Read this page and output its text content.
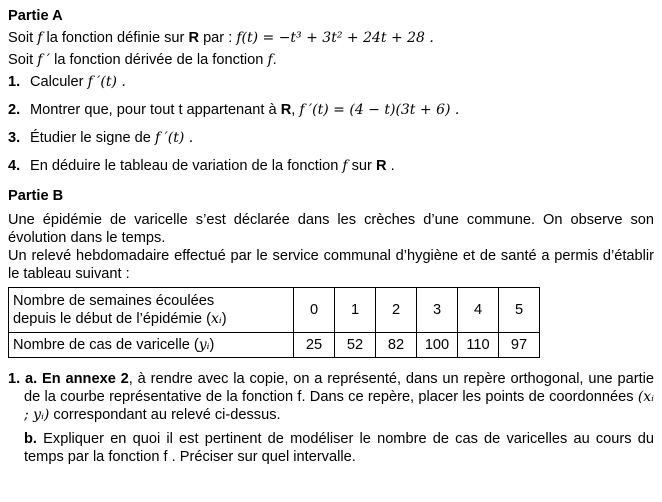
Partie A
Soit f la fonction définie sur R par : f(t) = −t³ + 3t² + 24t + 28 .
Soit f ′ la fonction dérivée de la fonction f.
1. Calculer f ′(t) .
2. Montrer que, pour tout t appartenant à R, f ′(t) = (4 − t)(3t + 6) .
3. Étudier le signe de f ′(t) .
4. En déduire le tableau de variation de la fonction f sur R .
Partie B
Une épidémie de varicelle s’est déclarée dans les crèches d’une commune. On observe son évolution dans le temps.
Un relevé hebdomadaire effectué par le service communal d’hygiène et de santé a permis d’établir le tableau suivant :
Nombre de semaines écoulées
depuis le début de l’épidémie (xᵢ)	0	1	2	3	4	5
Nombre de cas de varicelle (yᵢ)	25	52	82	100	110	97
1. a. En annexe 2, à rendre avec la copie, on a représenté, dans un repère orthogonal, une partie de la courbe représentative de la fonction f. Dans ce repère, placer les points de coordonnées (xᵢ ; yᵢ) correspondant au relevé ci-dessus.
b. Expliquer en quoi il est pertinent de modéliser le nombre de cas de varicelles au cours du temps par la fonction f . Préciser sur quel intervalle.
